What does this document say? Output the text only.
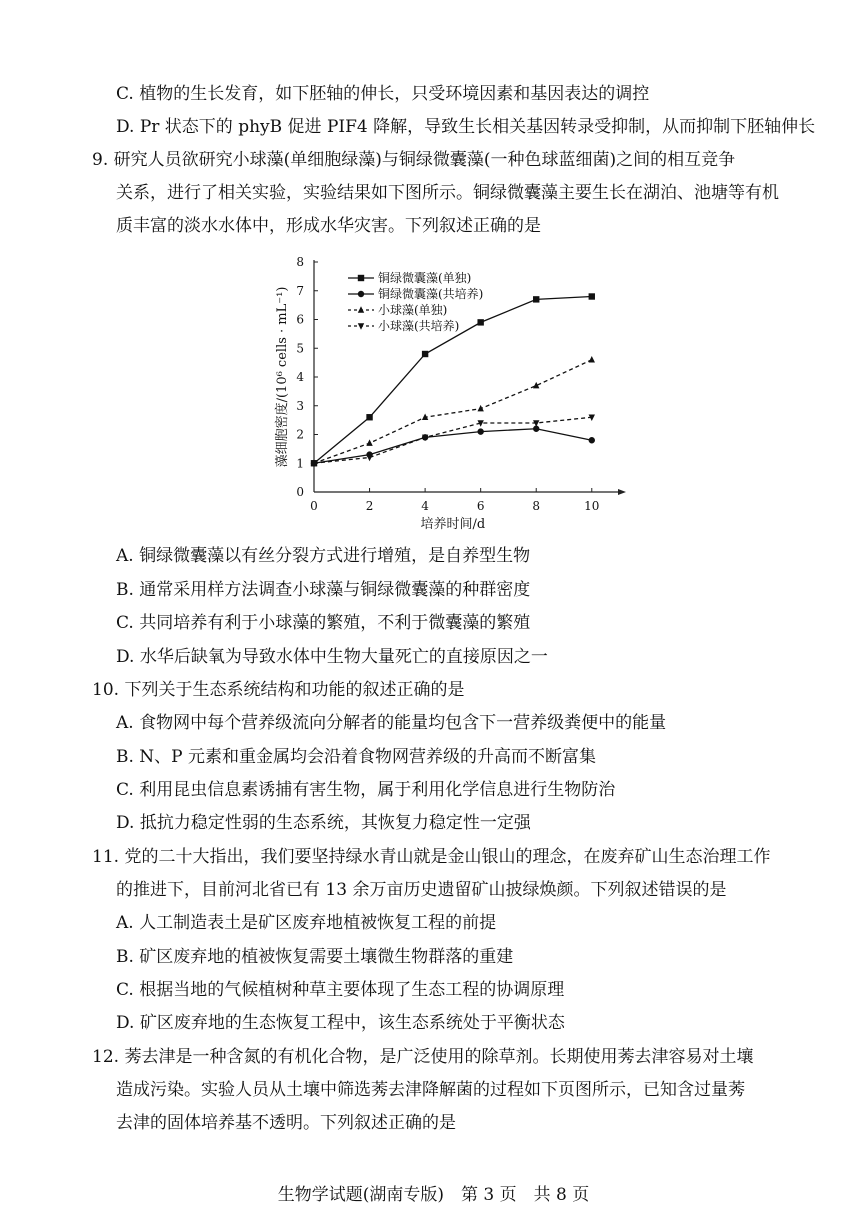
C. 植物的生长发育，如下胚轴的伸长，只受环境因素和基因表达的调控
D. Pr 状态下的 phyB 促进 PIF4 降解，导致生长相关基因转录受抑制，从而抑制下胚轴伸长
9. 研究人员欲研究小球藻(单细胞绿藻)与铜绿微囊藻(一种色球蓝细菌)之间的相互竞争
关系，进行了相关实验，实验结果如下图所示。铜绿微囊藻主要生长在湖泊、池塘等有机
质丰富的淡水水体中，形成水华灾害。下列叙述正确的是
0
1
2
3
4
5
6
7
8
0	2	4	6	8	10
培养时间/d
藻细胞密度/(10⁶ cells · mL⁻¹)
铜绿微囊藻(单独)
铜绿微囊藻(共培养)
小球藻(单独)
小球藻(共培养)
A. 铜绿微囊藻以有丝分裂方式进行增殖，是自养型生物
B. 通常采用样方法调查小球藻与铜绿微囊藻的种群密度
C. 共同培养有利于小球藻的繁殖，不利于微囊藻的繁殖
D. 水华后缺氧为导致水体中生物大量死亡的直接原因之一
10. 下列关于生态系统结构和功能的叙述正确的是
A. 食物网中每个营养级流向分解者的能量均包含下一营养级粪便中的能量
B. N、P 元素和重金属均会沿着食物网营养级的升高而不断富集
C. 利用昆虫信息素诱捕有害生物，属于利用化学信息进行生物防治
D. 抵抗力稳定性弱的生态系统，其恢复力稳定性一定强
11. 党的二十大指出，我们要坚持绿水青山就是金山银山的理念，在废弃矿山生态治理工作
的推进下，目前河北省已有 13 余万亩历史遗留矿山披绿焕颜。下列叙述错误的是
A. 人工制造表土是矿区废弃地植被恢复工程的前提
B. 矿区废弃地的植被恢复需要土壤微生物群落的重建
C. 根据当地的气候植树种草主要体现了生态工程的协调原理
D. 矿区废弃地的生态恢复工程中，该生态系统处于平衡状态
12. 莠去津是一种含氮的有机化合物，是广泛使用的除草剂。长期使用莠去津容易对土壤
造成污染。实验人员从土壤中筛选莠去津降解菌的过程如下页图所示，已知含过量莠
去津的固体培养基不透明。下列叙述正确的是
生物学试题(湖南专版)　第 3 页　共 8 页
